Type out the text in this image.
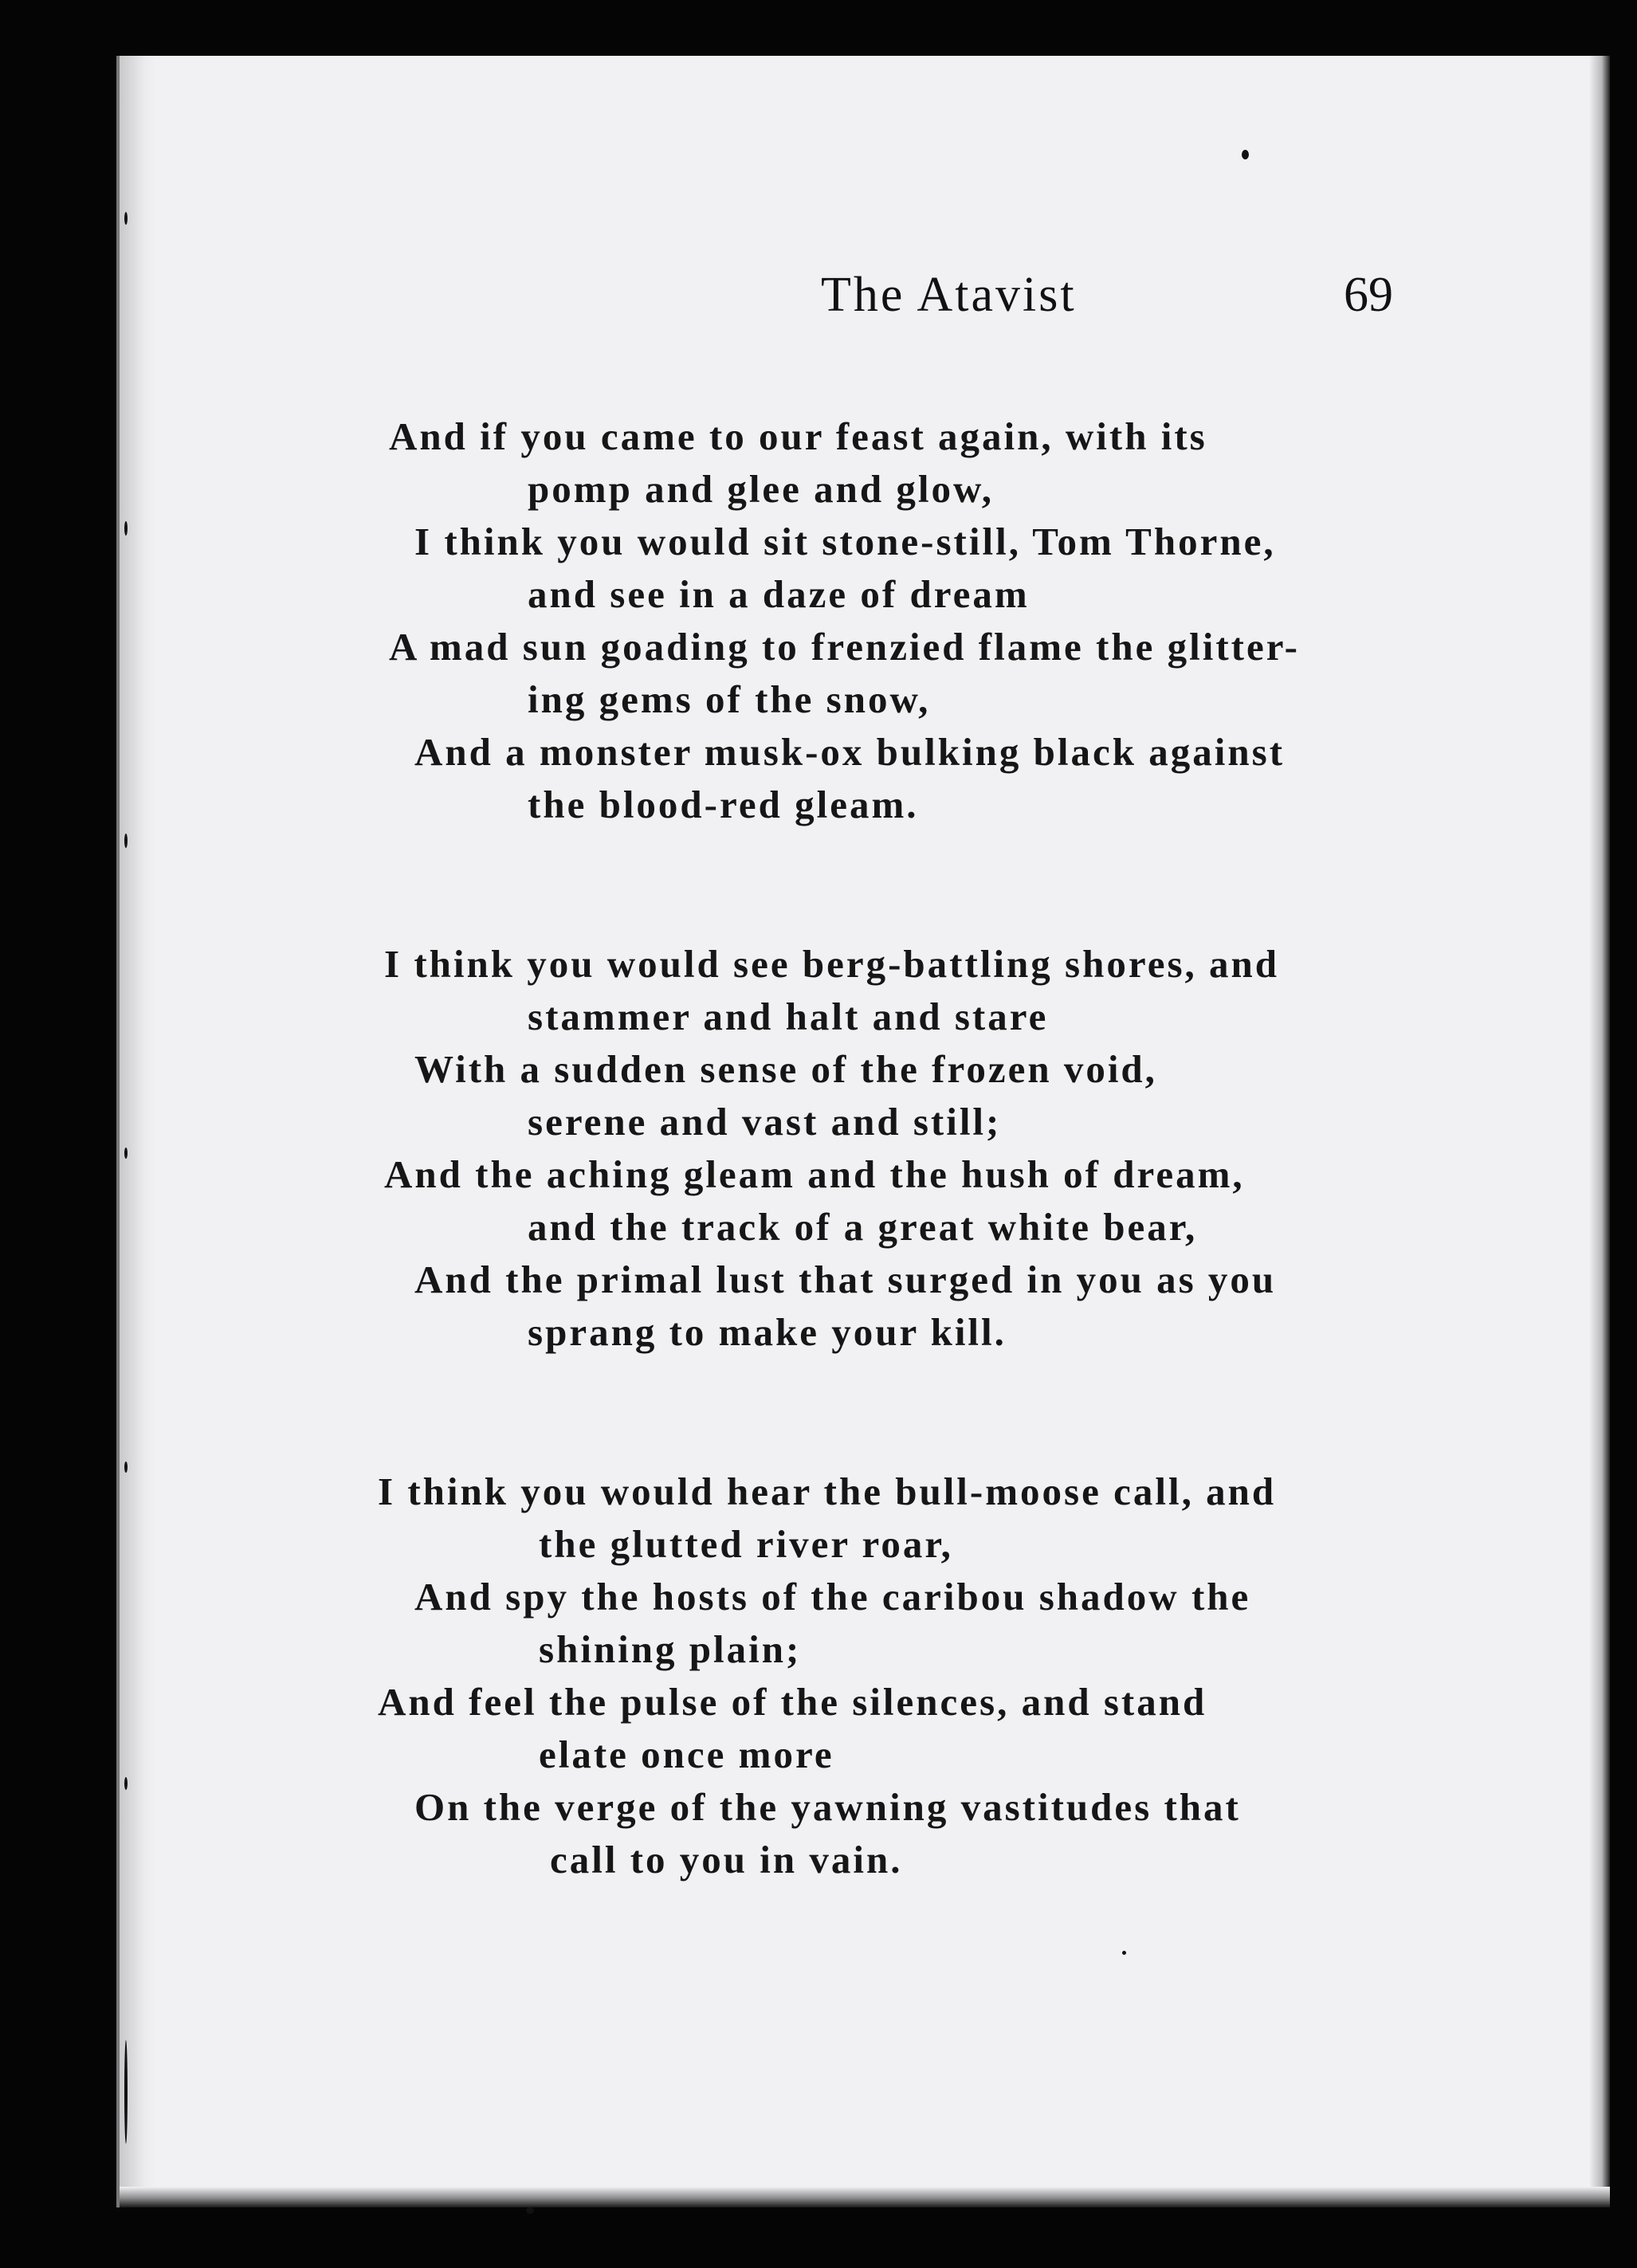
The Atavist	69
And if you came to our feast again, with its
pomp and glee and glow,
I think you would sit stone-still, Tom Thorne,
and see in a daze of dream
A mad sun goading to frenzied flame the glitter-
ing gems of the snow,
And a monster musk-ox bulking black against
the blood-red gleam.
I think you would see berg-battling shores, and
stammer and halt and stare
With a sudden sense of the frozen void,
serene and vast and still;
And the aching gleam and the hush of dream,
and the track of a great white bear,
And the primal lust that surged in you as you
sprang to make your kill.
I think you would hear the bull-moose call, and
the glutted river roar,
And spy the hosts of the caribou shadow the
shining plain;
And feel the pulse of the silences, and stand
elate once more
On the verge of the yawning vastitudes that
call to you in vain.
